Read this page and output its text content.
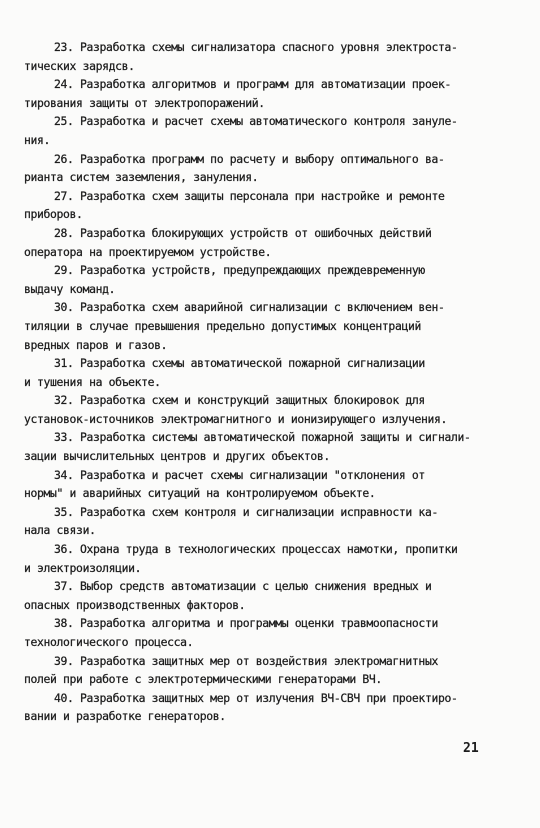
23. Разработка схемы сигнализатора спасного уровня электроста-
тических зарядсв.
24. Разработка алгоритмов и программ для автоматизации проек-
тирования защиты от электропоражений.
25. Разработка и расчет схемы автоматического контроля зануле-
ния.
26. Разработка программ по расчету и выбору оптимального ва-
рианта систем заземления, зануления.
27. Разработка схем защиты персонала при настройке и ремонте
приборов.
28. Разработка блокирующих устройств от ошибочных действий
оператора на проектируемом устройстве.
29. Разработка устройств, предупреждающих преждевременную
выдачу команд.
30. Разработка схем аварийной сигнализации с включением вен-
тиляции в случае превышения предельно допустимых концентраций
вредных паров и газов.
31. Разработка схемы автоматической пожарной сигнализации
и тушения на объекте.
32. Разработка схем и конструкций защитных блокировок для
установок-источников электромагнитного и ионизирующего излучения.
33. Разработка системы автоматической пожарной защиты и сигнали-
зации вычислительных центров и других объектов.
34. Разработка и расчет схемы сигнализации "отклонения от
нормы" и аварийных ситуаций на контролируемом объекте.
35. Разработка схем контроля и сигнализации исправности ка-
нала связи.
36. Охрана труда в технологических процессах намотки, пропитки
и электроизоляции.
37. Выбор средств автоматизации с целью снижения вредных и
опасных производственных факторов.
38. Разработка алгоритма и программы оценки травмоопасности
технологического процесса.
39. Разработка защитных мер от воздействия электромагнитных
полей при работе с электротермическими генераторами ВЧ.
40. Разработка защитных мер от излучения ВЧ-СВЧ при проектиро-
вании и разработке генераторов.
21
